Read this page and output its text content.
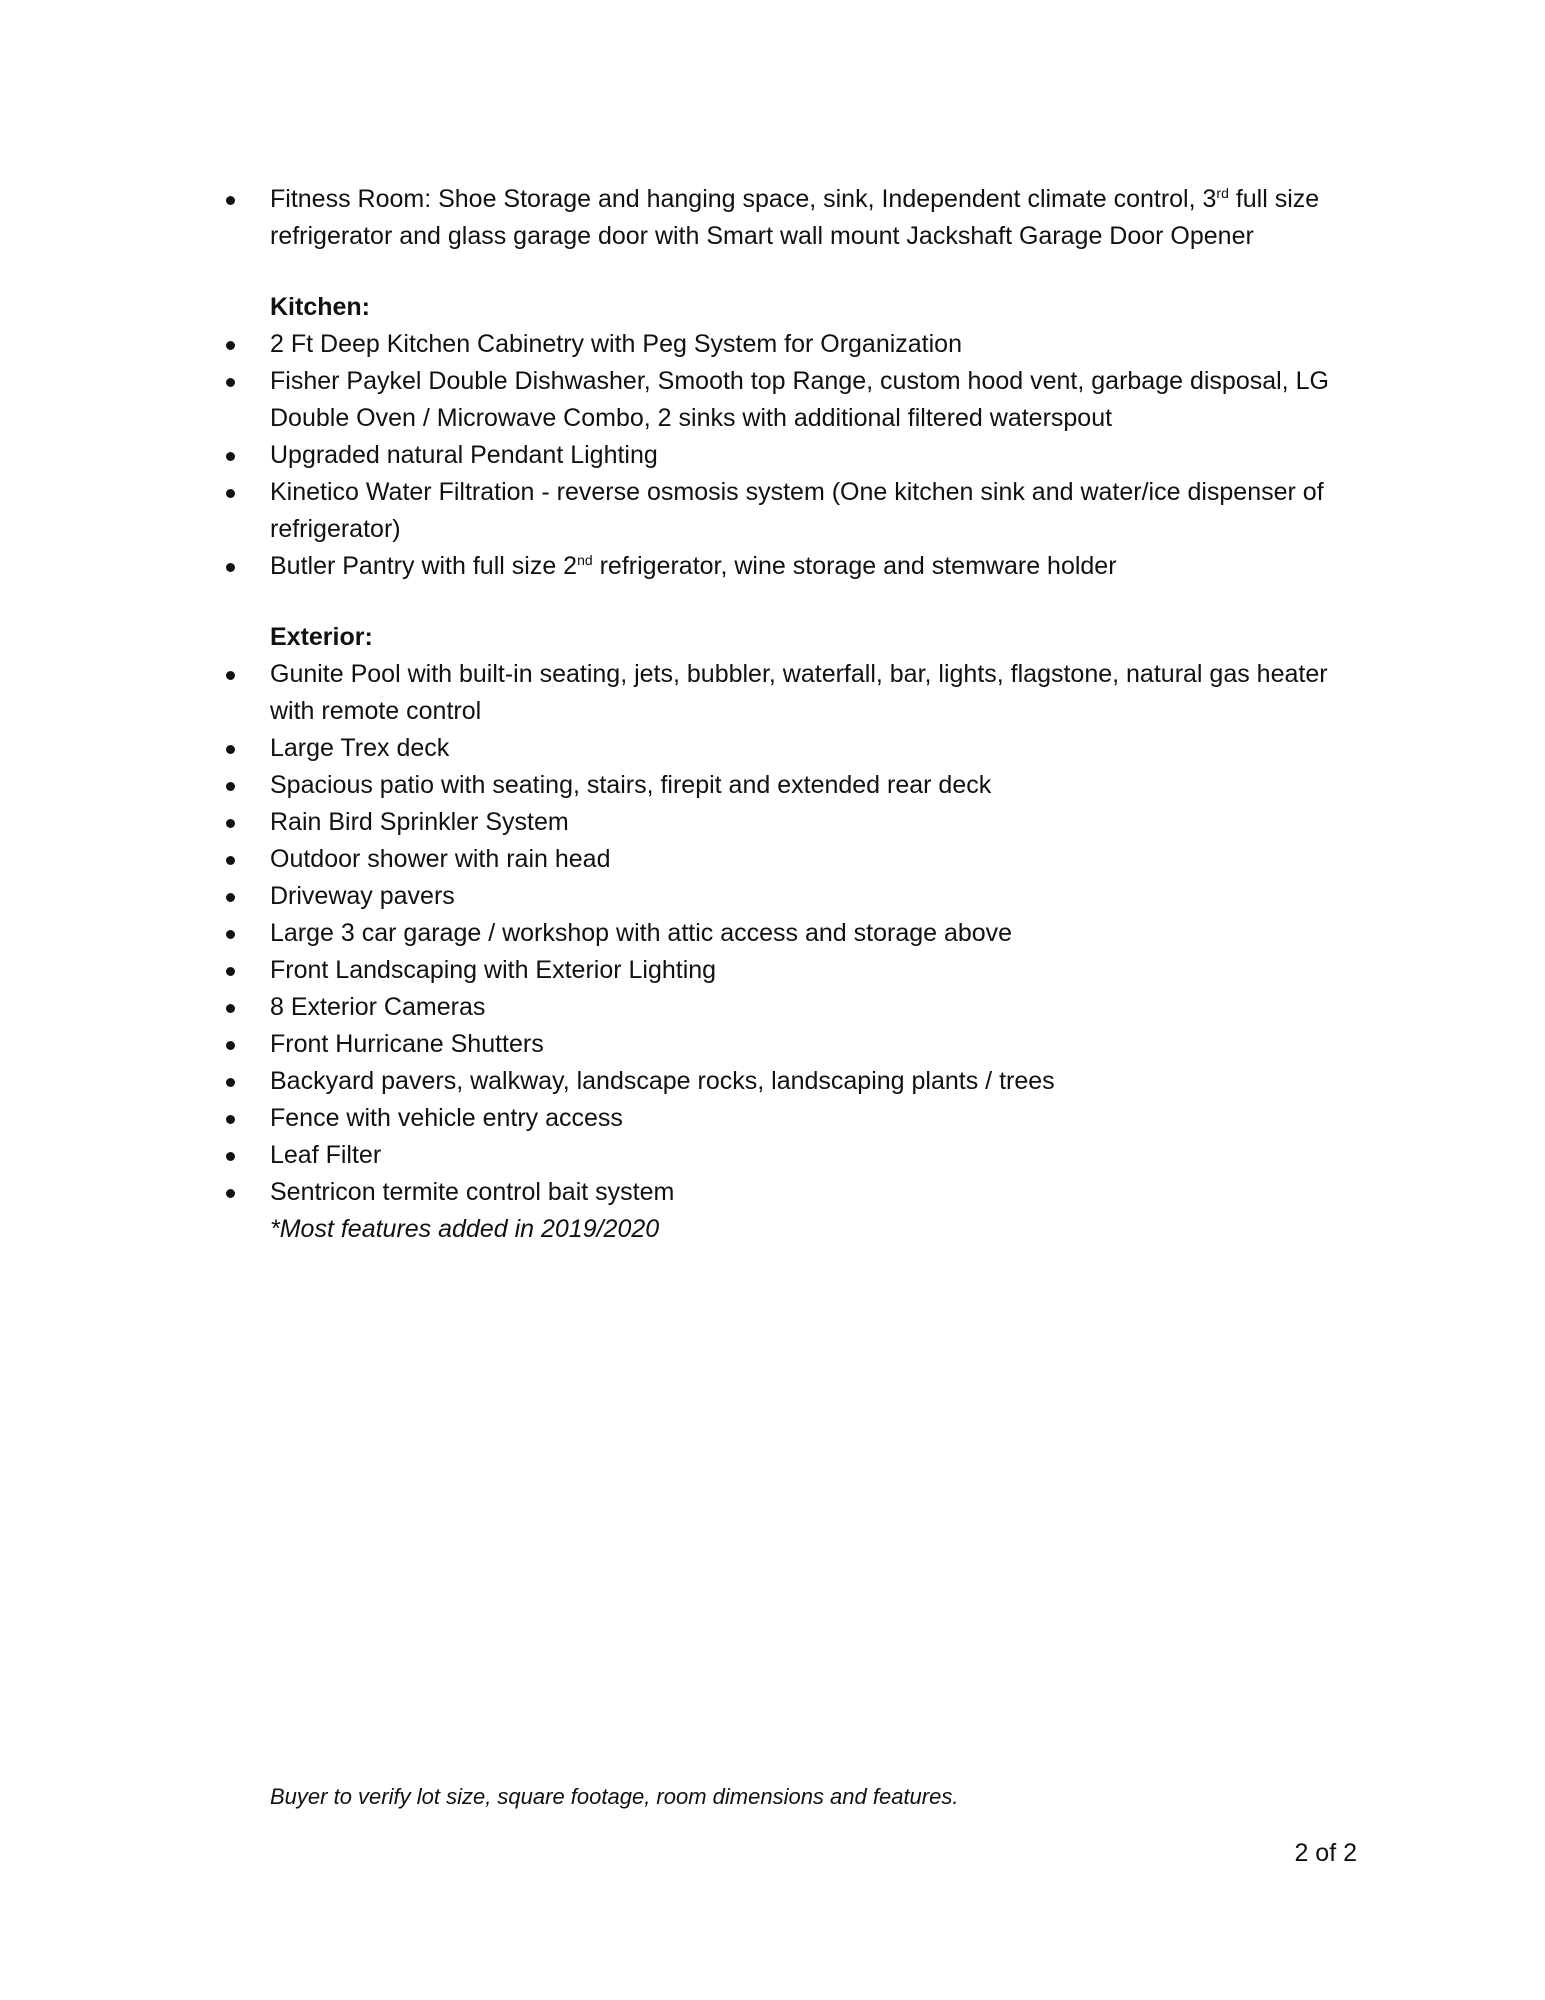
Fitness Room: Shoe Storage and hanging space, sink, Independent climate control, 3rd full size refrigerator and glass garage door with Smart wall mount Jackshaft Garage Door Opener
Kitchen:
2 Ft Deep Kitchen Cabinetry with Peg System for Organization
Fisher Paykel Double Dishwasher, Smooth top Range, custom hood vent, garbage disposal, LG Double Oven / Microwave Combo, 2 sinks with additional filtered waterspout
Upgraded natural Pendant Lighting
Kinetico Water Filtration - reverse osmosis system (One kitchen sink and water/ice dispenser of refrigerator)
Butler Pantry with full size 2nd refrigerator, wine storage and stemware holder
Exterior:
Gunite Pool with built-in seating, jets, bubbler, waterfall, bar, lights, flagstone, natural gas heater with remote control
Large Trex deck
Spacious patio with seating, stairs, firepit and extended rear deck
Rain Bird Sprinkler System
Outdoor shower with rain head
Driveway pavers
Large 3 car garage / workshop with attic access and storage above
Front Landscaping with Exterior Lighting
8 Exterior Cameras
Front Hurricane Shutters
Backyard pavers, walkway, landscape rocks, landscaping plants / trees
Fence with vehicle entry access
Leaf Filter
Sentricon termite control bait system
*Most features added in 2019/2020
Buyer to verify lot size, square footage, room dimensions and features.
2 of 2
